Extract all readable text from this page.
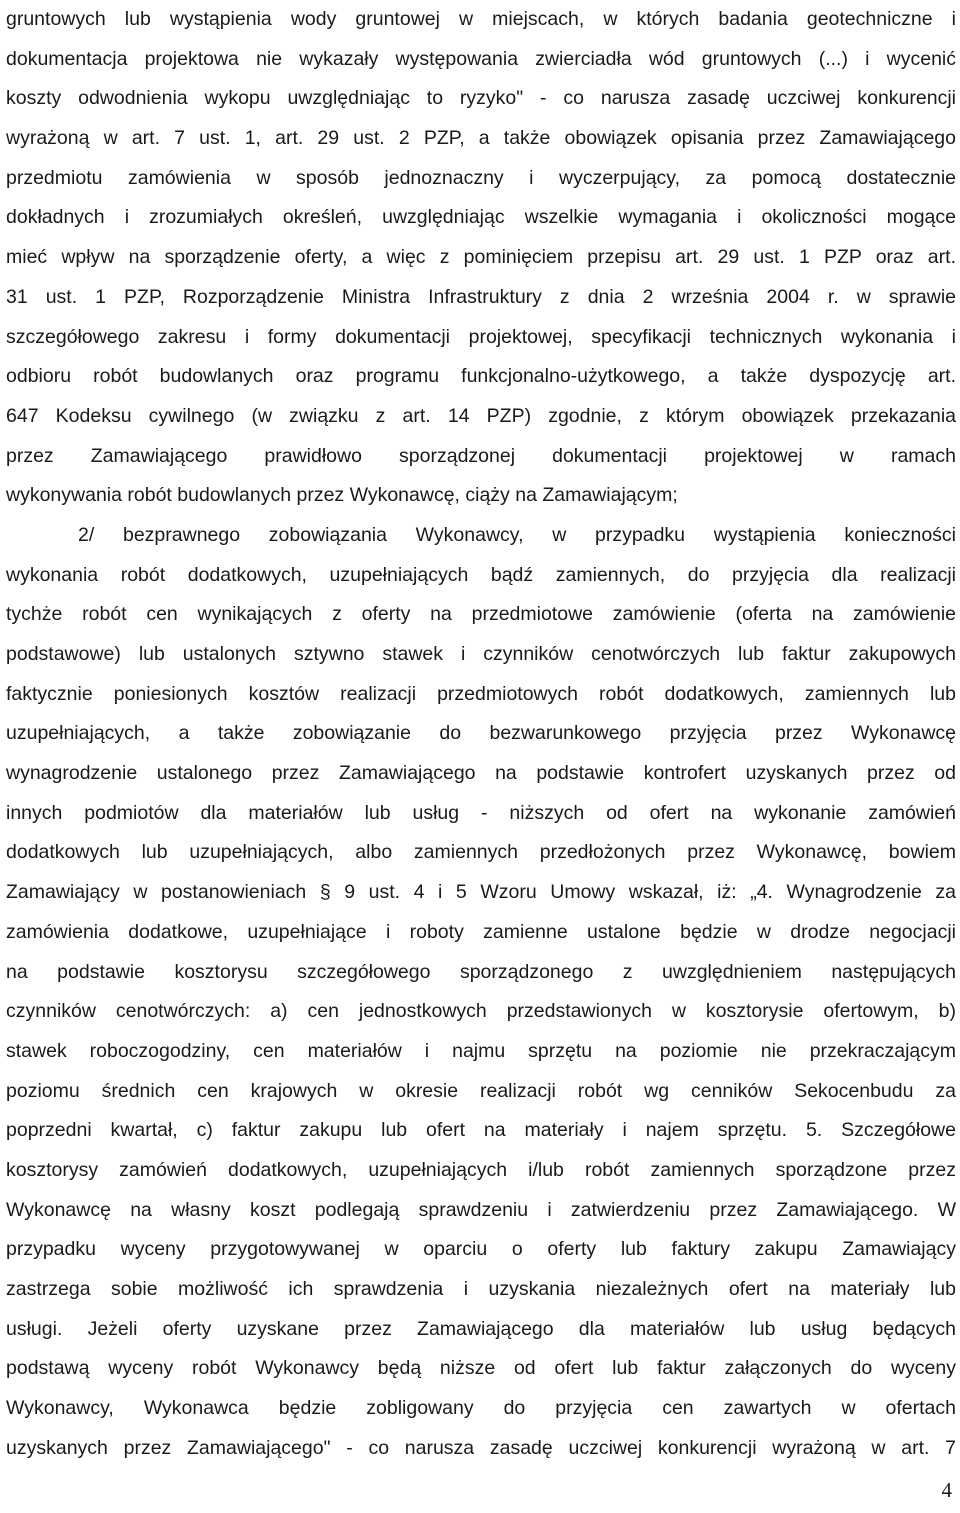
gruntowych lub wystąpienia wody gruntowej w miejscach, w których badania geotechniczne i
dokumentacja projektowa nie wykazały występowania zwierciadła wód gruntowych (...) i wycenić
koszty odwodnienia wykopu uwzględniając to ryzyko" - co narusza zasadę uczciwej konkurencji
wyrażoną w art. 7 ust. 1, art. 29 ust. 2 PZP, a także obowiązek opisania przez Zamawiającego
przedmiotu zamówienia w sposób jednoznaczny i wyczerpujący, za pomocą dostatecznie
dokładnych i zrozumiałych określeń, uwzględniając wszelkie wymagania i okoliczności mogące
mieć wpływ na sporządzenie oferty, a więc z pominięciem przepisu art. 29 ust. 1 PZP oraz art.
31 ust. 1 PZP, Rozporządzenie Ministra Infrastruktury z dnia 2 września 2004 r. w sprawie
szczegółowego zakresu i formy dokumentacji projektowej, specyfikacji technicznych wykonania i
odbioru robót budowlanych oraz programu funkcjonalno-użytkowego, a także dyspozycję art.
647 Kodeksu cywilnego (w związku z art. 14 PZP) zgodnie, z którym obowiązek przekazania
przez Zamawiającego prawidłowo sporządzonej dokumentacji projektowej w ramach
wykonywania robót budowlanych przez Wykonawcę, ciąży na Zamawiającym;
2/ bezprawnego zobowiązania Wykonawcy, w przypadku wystąpienia konieczności
wykonania robót dodatkowych, uzupełniających bądź zamiennych, do przyjęcia dla realizacji
tychże robót cen wynikających z oferty na przedmiotowe zamówienie (oferta na zamówienie
podstawowe) lub ustalonych sztywno stawek i czynników cenotwórczych lub faktur zakupowych
faktycznie poniesionych kosztów realizacji przedmiotowych robót dodatkowych, zamiennych lub
uzupełniających, a także zobowiązanie do bezwarunkowego przyjęcia przez Wykonawcę
wynagrodzenie ustalonego przez Zamawiającego na podstawie kontrofert uzyskanych przez od
innych podmiotów dla materiałów lub usług - niższych od ofert na wykonanie zamówień
dodatkowych lub uzupełniających, albo zamiennych przedłożonych przez Wykonawcę, bowiem
Zamawiający w postanowieniach § 9 ust. 4 i 5 Wzoru Umowy wskazał, iż: „4. Wynagrodzenie za
zamówienia dodatkowe, uzupełniające i roboty zamienne ustalone będzie w drodze negocjacji
na podstawie kosztorysu szczegółowego sporządzonego z uwzględnieniem następujących
czynników cenotwórczych: a) cen jednostkowych przedstawionych w kosztorysie ofertowym, b)
stawek roboczogodziny, cen materiałów i najmu sprzętu na poziomie nie przekraczającym
poziomu średnich cen krajowych w okresie realizacji robót wg cenników Sekocenbudu za
poprzedni kwartał, c) faktur zakupu lub ofert na materiały i najem sprzętu. 5. Szczegółowe
kosztorysy zamówień dodatkowych, uzupełniających i/lub robót zamiennych sporządzone przez
Wykonawcę na własny koszt podlegają sprawdzeniu i zatwierdzeniu przez Zamawiającego. W
przypadku wyceny przygotowywanej w oparciu o oferty lub faktury zakupu Zamawiający
zastrzega sobie możliwość ich sprawdzenia i uzyskania niezależnych ofert na materiały lub
usługi. Jeżeli oferty uzyskane przez Zamawiającego dla materiałów lub usług będących
podstawą wyceny robót Wykonawcy będą niższe od ofert lub faktur załączonych do wyceny
Wykonawcy, Wykonawca będzie zobligowany do przyjęcia cen zawartych w ofertach
uzyskanych przez Zamawiającego" - co narusza zasadę uczciwej konkurencji wyrażoną w art. 7
4
